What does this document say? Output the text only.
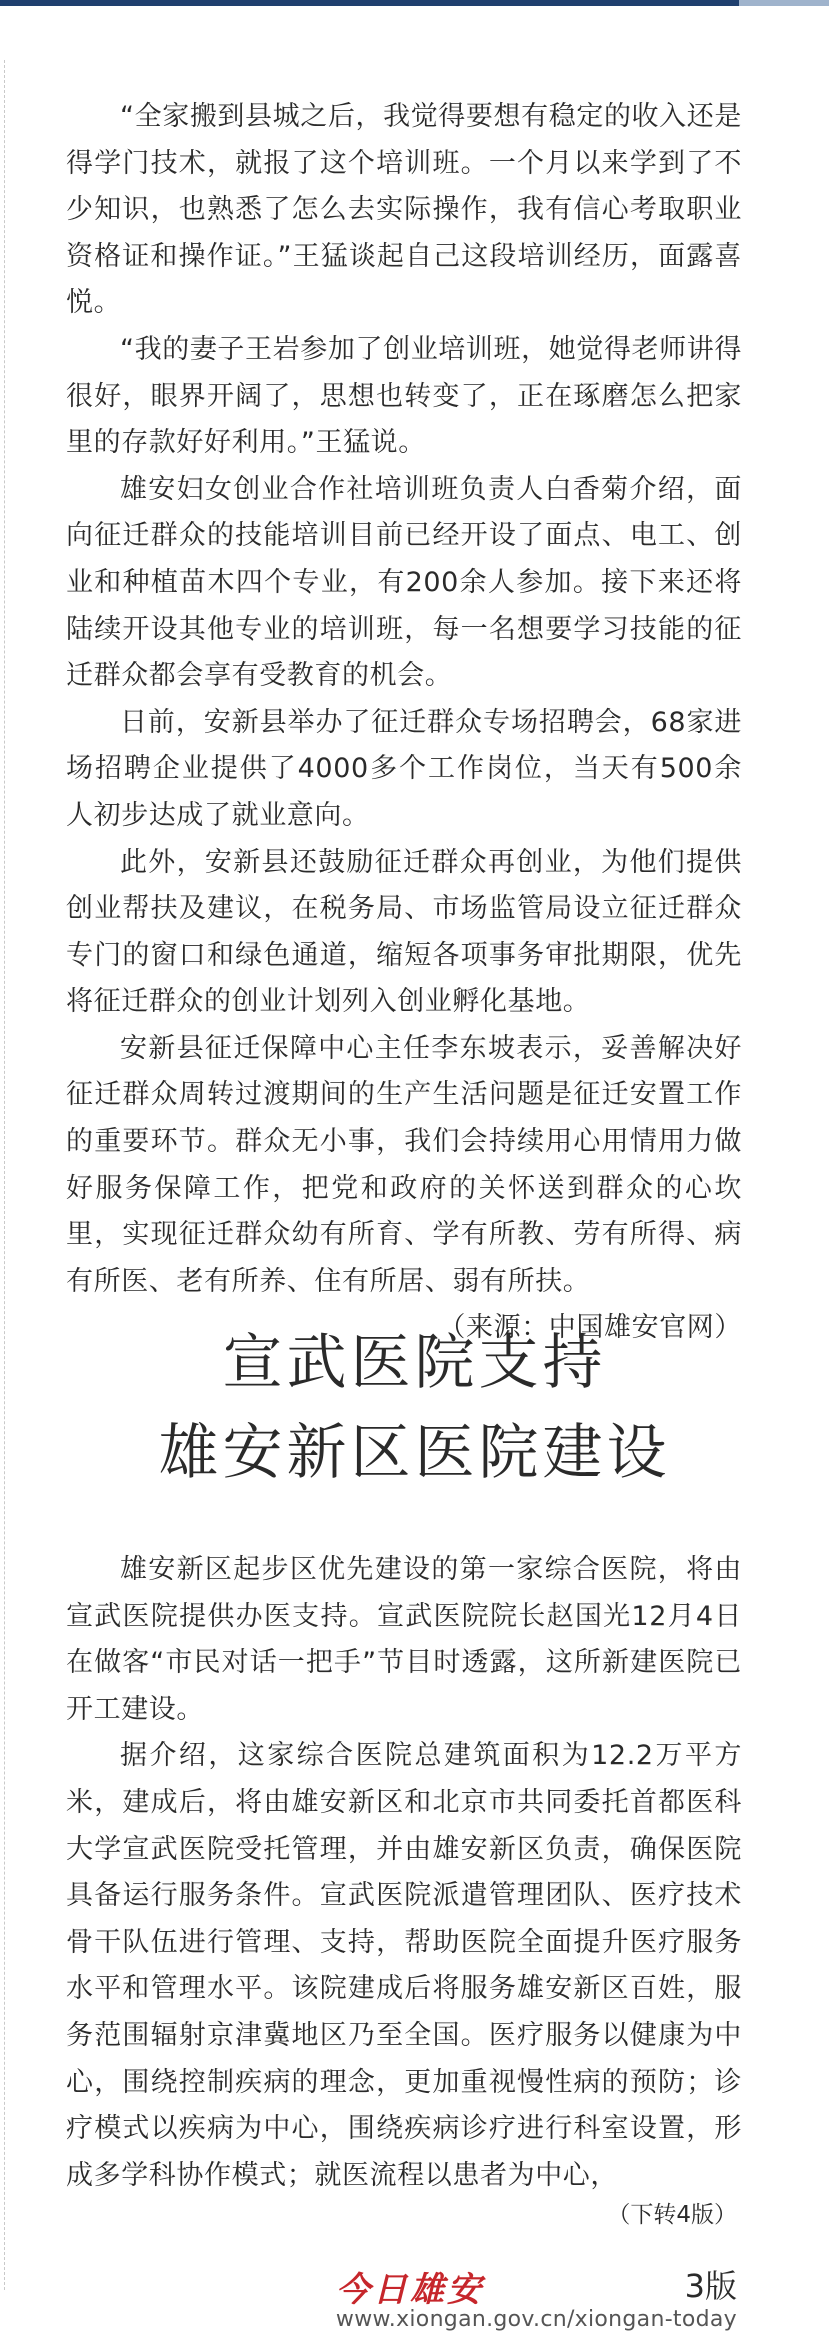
“全家搬到县城之后，我觉得要想有稳定的收入还是得学门技术，就报了这个培训班。一个月以来学到了不少知识，也熟悉了怎么去实际操作，我有信心考取职业资格证和操作证。”王猛谈起自己这段培训经历，面露喜悦。

“我的妻子王岩参加了创业培训班，她觉得老师讲得很好，眼界开阔了，思想也转变了，正在琢磨怎么把家里的存款好好利用。”王猛说。

雄安妇女创业合作社培训班负责人白香菊介绍，面向征迁群众的技能培训目前已经开设了面点、电工、创业和种植苗木四个专业，有200余人参加。接下来还将陆续开设其他专业的培训班，每一名想要学习技能的征迁群众都会享有受教育的机会。

日前，安新县举办了征迁群众专场招聘会，68家进场招聘企业提供了4000多个工作岗位，当天有500余人初步达成了就业意向。

此外，安新县还鼓励征迁群众再创业，为他们提供创业帮扶及建议，在税务局、市场监管局设立征迁群众专门的窗口和绿色通道，缩短各项事务审批期限，优先将征迁群众的创业计划列入创业孵化基地。

安新县征迁保障中心主任李东坡表示，妥善解决好征迁群众周转过渡期间的生产生活问题是征迁安置工作的重要环节。群众无小事，我们会持续用心用情用力做好服务保障工作，把党和政府的关怀送到群众的心坎里，实现征迁群众幼有所育、学有所教、劳有所得、病有所医、老有所养、住有所居、弱有所扶。
（来源：中国雄安官网）

宣武医院支持
雄安新区医院建设

雄安新区起步区优先建设的第一家综合医院，将由宣武医院提供办医支持。宣武医院院长赵国光12月4日在做客“市民对话一把手”节目时透露，这所新建医院已开工建设。

据介绍，这家综合医院总建筑面积为12.2万平方米，建成后，将由雄安新区和北京市共同委托首都医科大学宣武医院受托管理，并由雄安新区负责，确保医院具备运行服务条件。宣武医院派遣管理团队、医疗技术骨干队伍进行管理、支持，帮助医院全面提升医疗服务水平和管理水平。该院建成后将服务雄安新区百姓，服务范围辐射京津冀地区乃至全国。医疗服务以健康为中心，围绕控制疾病的理念，更加重视慢性病的预防；诊疗模式以疾病为中心，围绕疾病诊疗进行科室设置，形成多学科协作模式；就医流程以患者为中心，

（下转4版）
今日雄安	3版
www.xiongan.gov.cn/xiongan-today
